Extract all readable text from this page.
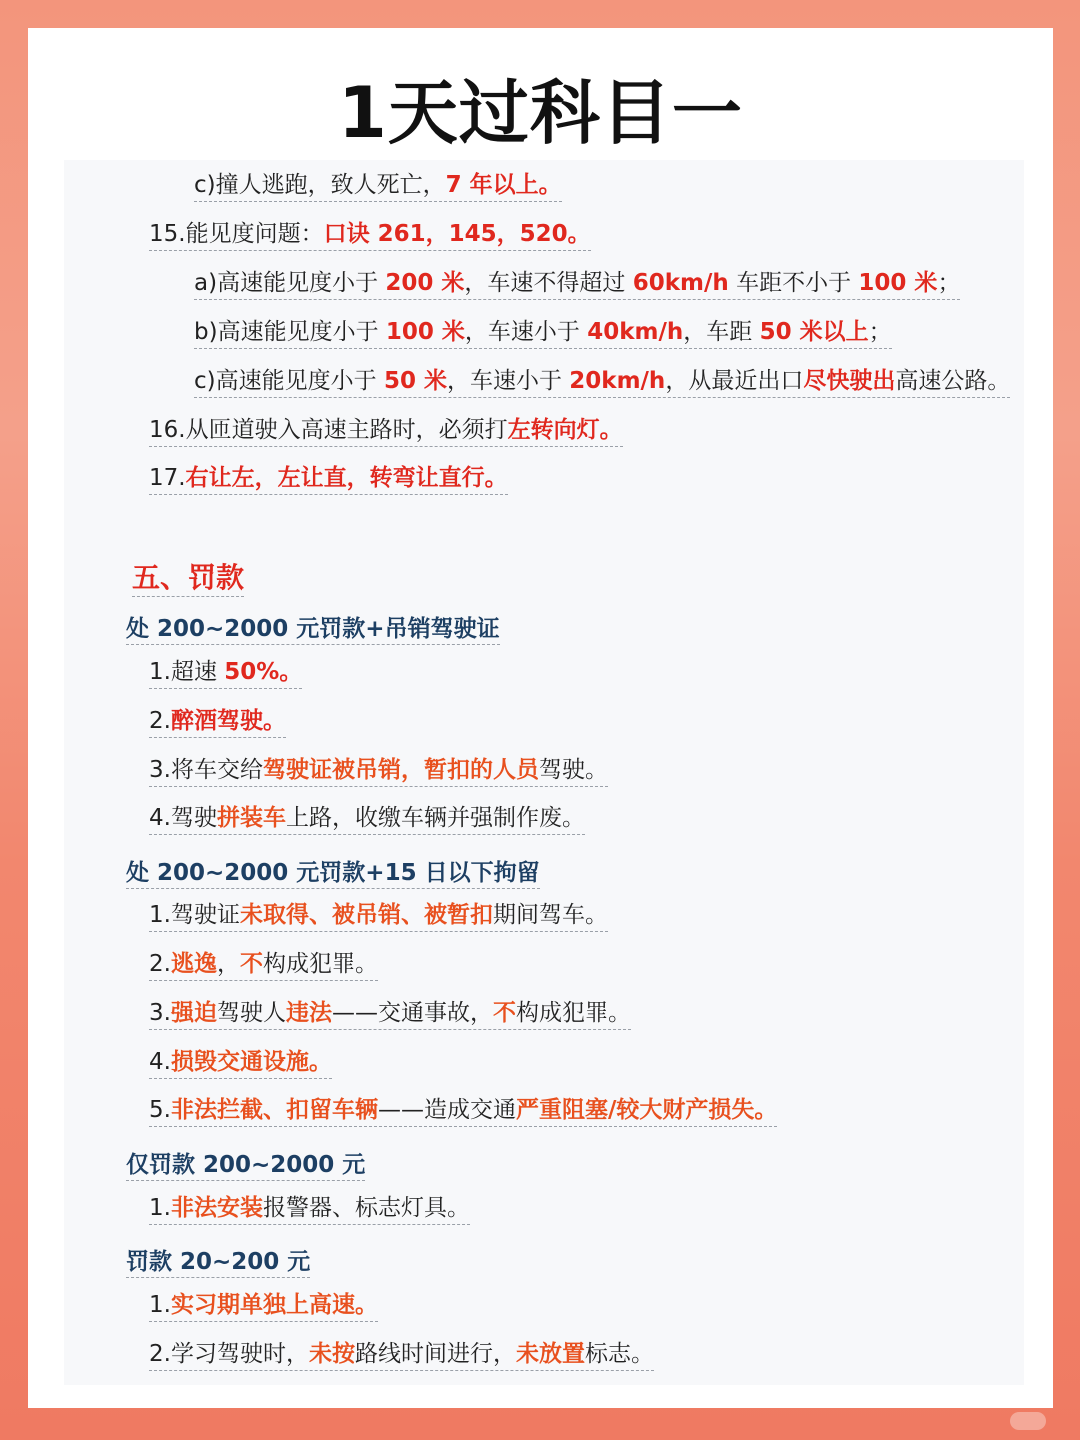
1天过科目一
c)撞人逃跑，致人死亡，7 年以上。
15.能见度问题：口诀 261，145，520。
a)高速能见度小于 200 米，车速不得超过 60km/h 车距不小于 100 米；
b)高速能见度小于 100 米，车速小于 40km/h，车距 50 米以上；
c)高速能见度小于 50 米，车速小于 20km/h，从最近出口尽快驶出高速公路。
16.从匝道驶入高速主路时，必须打左转向灯。
17.右让左，左让直，转弯让直行。
五、罚款
处 200~2000 元罚款+吊销驾驶证
1.超速 50%。
2.醉酒驾驶。
3.将车交给驾驶证被吊销，暂扣的人员驾驶。
4.驾驶拼装车上路，收缴车辆并强制作废。
处 200~2000 元罚款+15 日以下拘留
1.驾驶证未取得、被吊销、被暂扣期间驾车。
2.逃逸，不构成犯罪。
3.强迫驾驶人违法——交通事故，不构成犯罪。
4.损毁交通设施。
5.非法拦截、扣留车辆——造成交通严重阻塞/较大财产损失。
仅罚款 200~2000 元
1.非法安装报警器、标志灯具。
罚款 20~200 元
1.实习期单独上高速。
2.学习驾驶时，未按路线时间进行，未放置标志。
